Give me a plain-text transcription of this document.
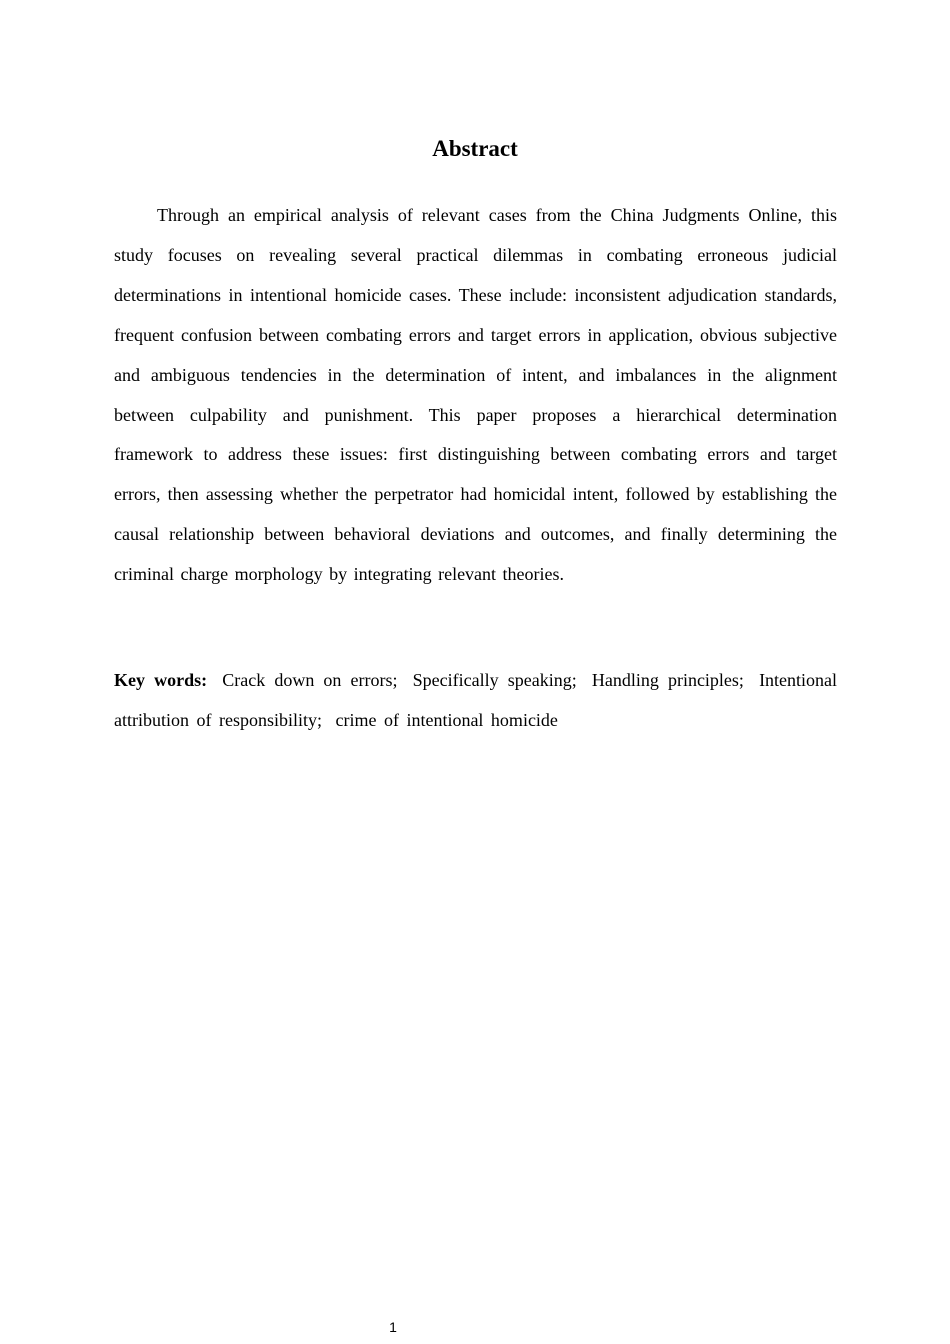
Abstract

Through an empirical analysis of relevant cases from the China Judgments Online, this study focuses on revealing several practical dilemmas in combating erroneous judicial determinations in intentional homicide cases. These include: inconsistent adjudication standards, frequent confusion between combating errors and target errors in application, obvious subjective and ambiguous tendencies in the determination of intent, and imbalances in the alignment between culpability and punishment. This paper proposes a hierarchical determination framework to address these issues: first distinguishing between combating errors and target errors, then assessing whether the perpetrator had homicidal intent, followed by establishing the causal relationship between behavioral deviations and outcomes, and finally determining the criminal charge morphology by integrating relevant theories.

Key words: Crack down on errors; Specifically speaking; Handling principles; Intentional attribution of responsibility; crime of intentional homicide

1
